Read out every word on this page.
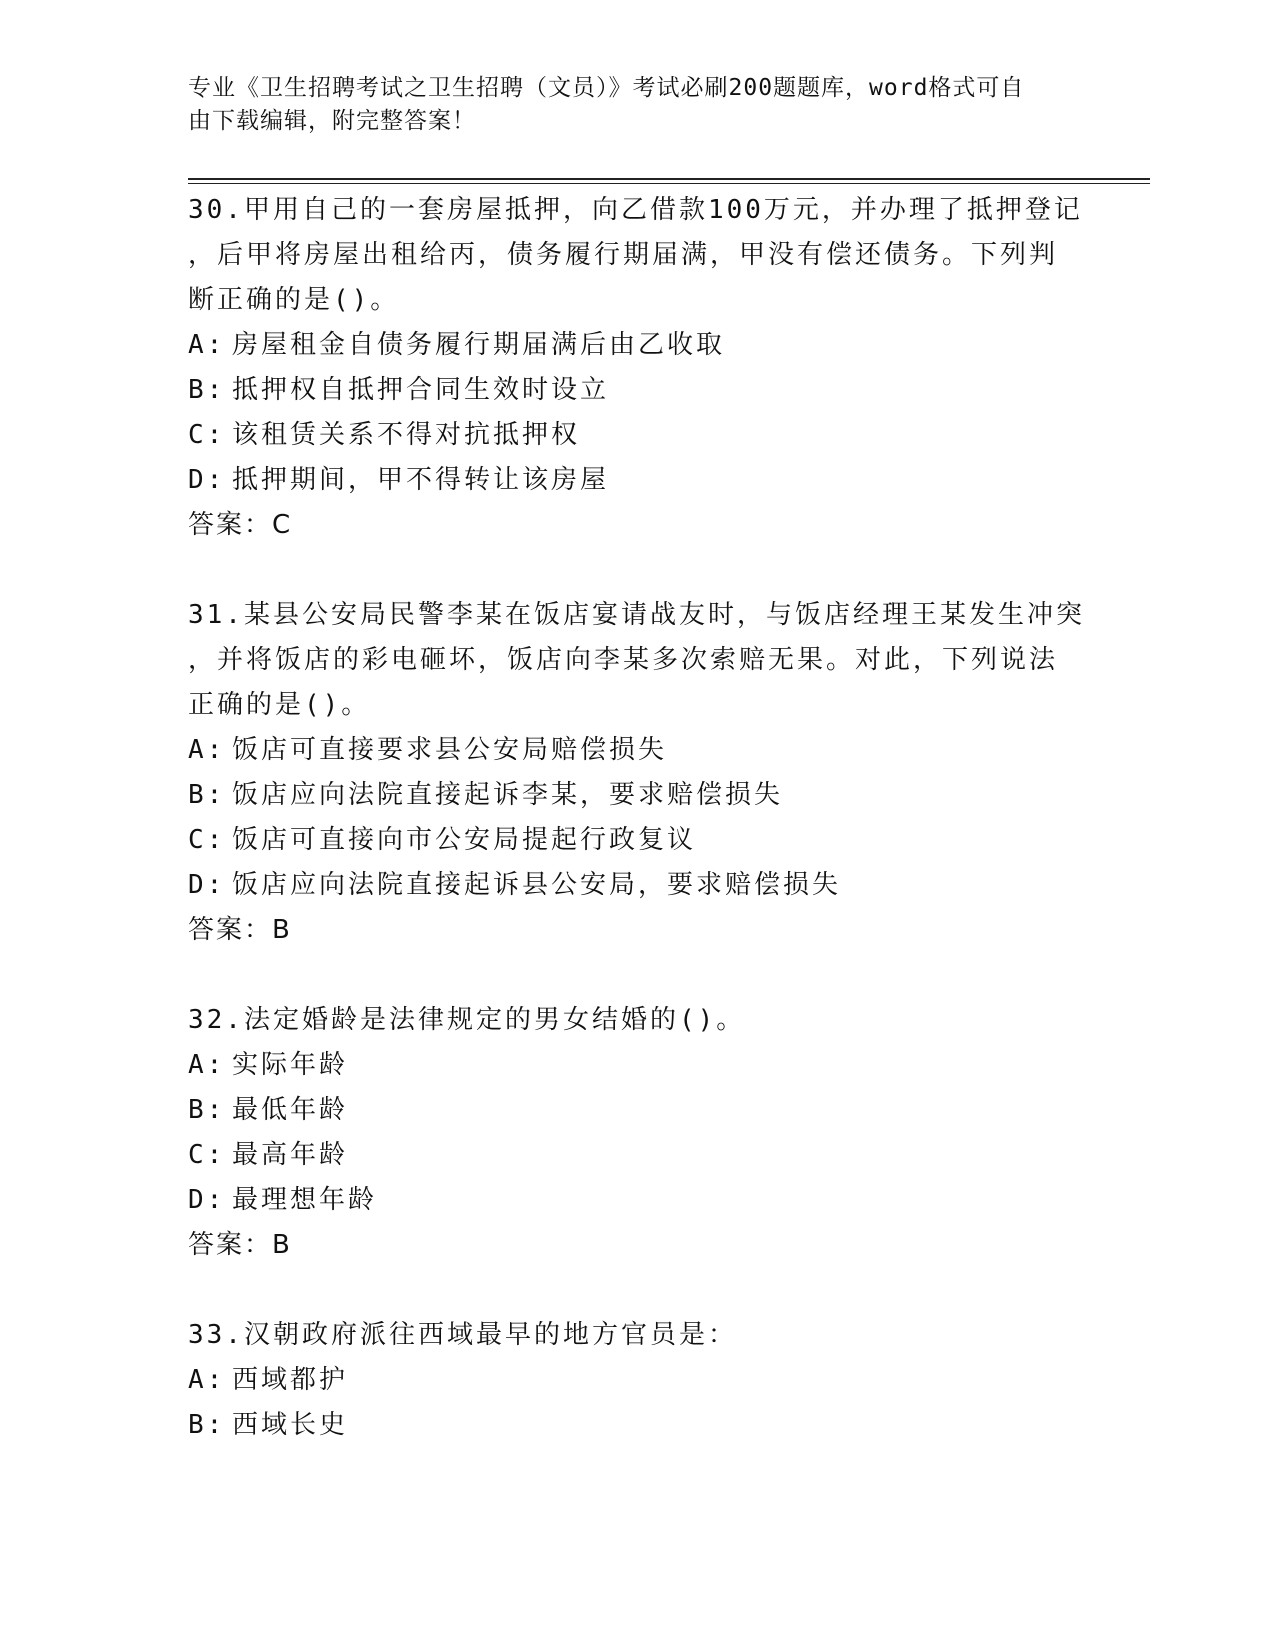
专业《卫生招聘考试之卫生招聘（文员）》考试必刷200题题库，word格式可自
由下载编辑，附完整答案！
30.甲用自己的一套房屋抵押，向乙借款100万元，并办理了抵押登记
，后甲将房屋出租给丙，债务履行期届满，甲没有偿还债务。下列判
断正确的是()。
A: 房屋租金自债务履行期届满后由乙收取
B: 抵押权自抵押合同生效时设立
C: 该租赁关系不得对抗抵押权
D: 抵押期间，甲不得转让该房屋
答案：C
31.某县公安局民警李某在饭店宴请战友时，与饭店经理王某发生冲突
，并将饭店的彩电砸坏，饭店向李某多次索赔无果。对此，下列说法
正确的是()。
A: 饭店可直接要求县公安局赔偿损失
B: 饭店应向法院直接起诉李某，要求赔偿损失
C: 饭店可直接向市公安局提起行政复议
D: 饭店应向法院直接起诉县公安局，要求赔偿损失
答案：B
32.法定婚龄是法律规定的男女结婚的()。
A: 实际年龄
B: 最低年龄
C: 最高年龄
D: 最理想年龄
答案：B
33.汉朝政府派往西域最早的地方官员是：
A: 西域都护
B: 西域长史
